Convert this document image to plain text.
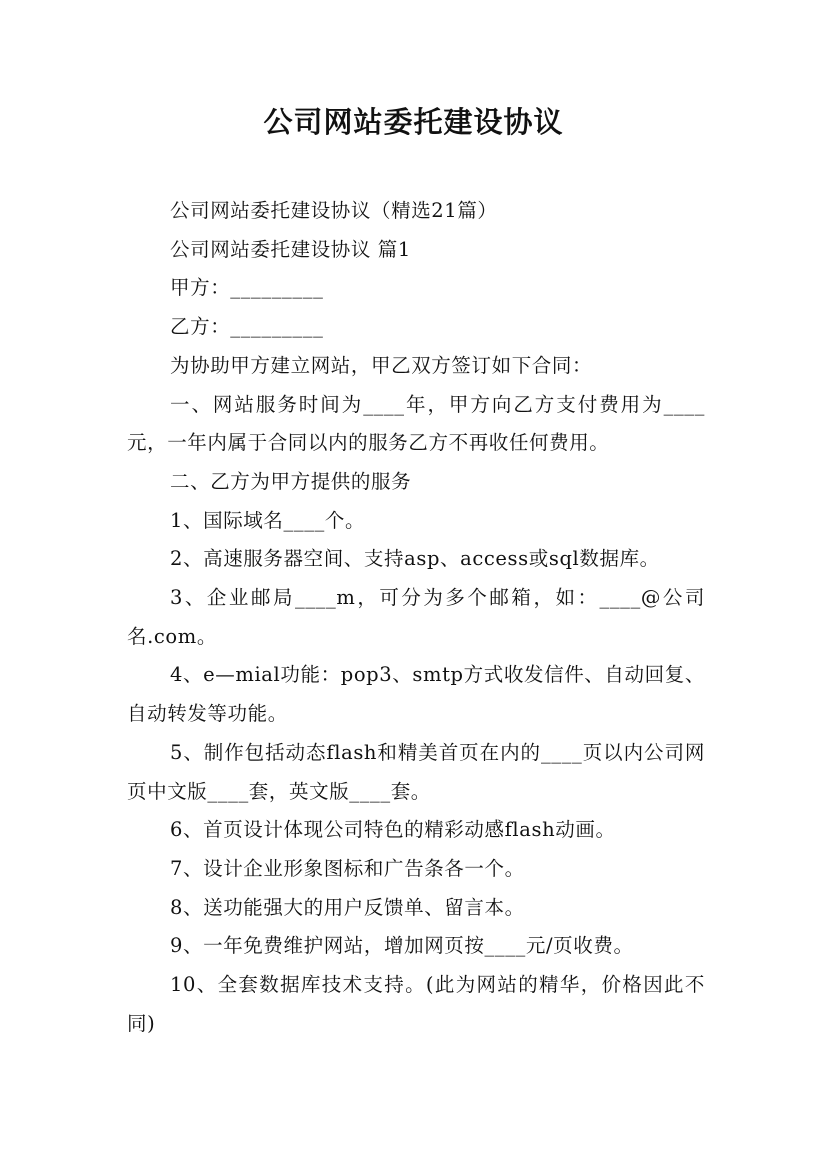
公司网站委托建设协议

公司网站委托建设协议（精选21篇）

公司网站委托建设协议 篇1

甲方：_________

乙方：_________

为协助甲方建立网站，甲乙双方签订如下合同：

一、网站服务时间为____年，甲方向乙方支付费用为____元，一年内属于合同以内的服务乙方不再收任何费用。

二、乙方为甲方提供的服务

1、国际域名____个。

2、高速服务器空间、支持asp、access或sql数据库。

3、企业邮局____m，可分为多个邮箱，如：____@公司名.com。

4、e—mial功能：pop3、smtp方式收发信件、自动回复、自动转发等功能。

5、制作包括动态flash和精美首页在内的____页以内公司网页中文版____套，英文版____套。

6、首页设计体现公司特色的精彩动感flash动画。

7、设计企业形象图标和广告条各一个。

8、送功能强大的用户反馈单、留言本。

9、一年免费维护网站，增加网页按____元/页收费。

10、全套数据库技术支持。(此为网站的精华，价格因此不同)
